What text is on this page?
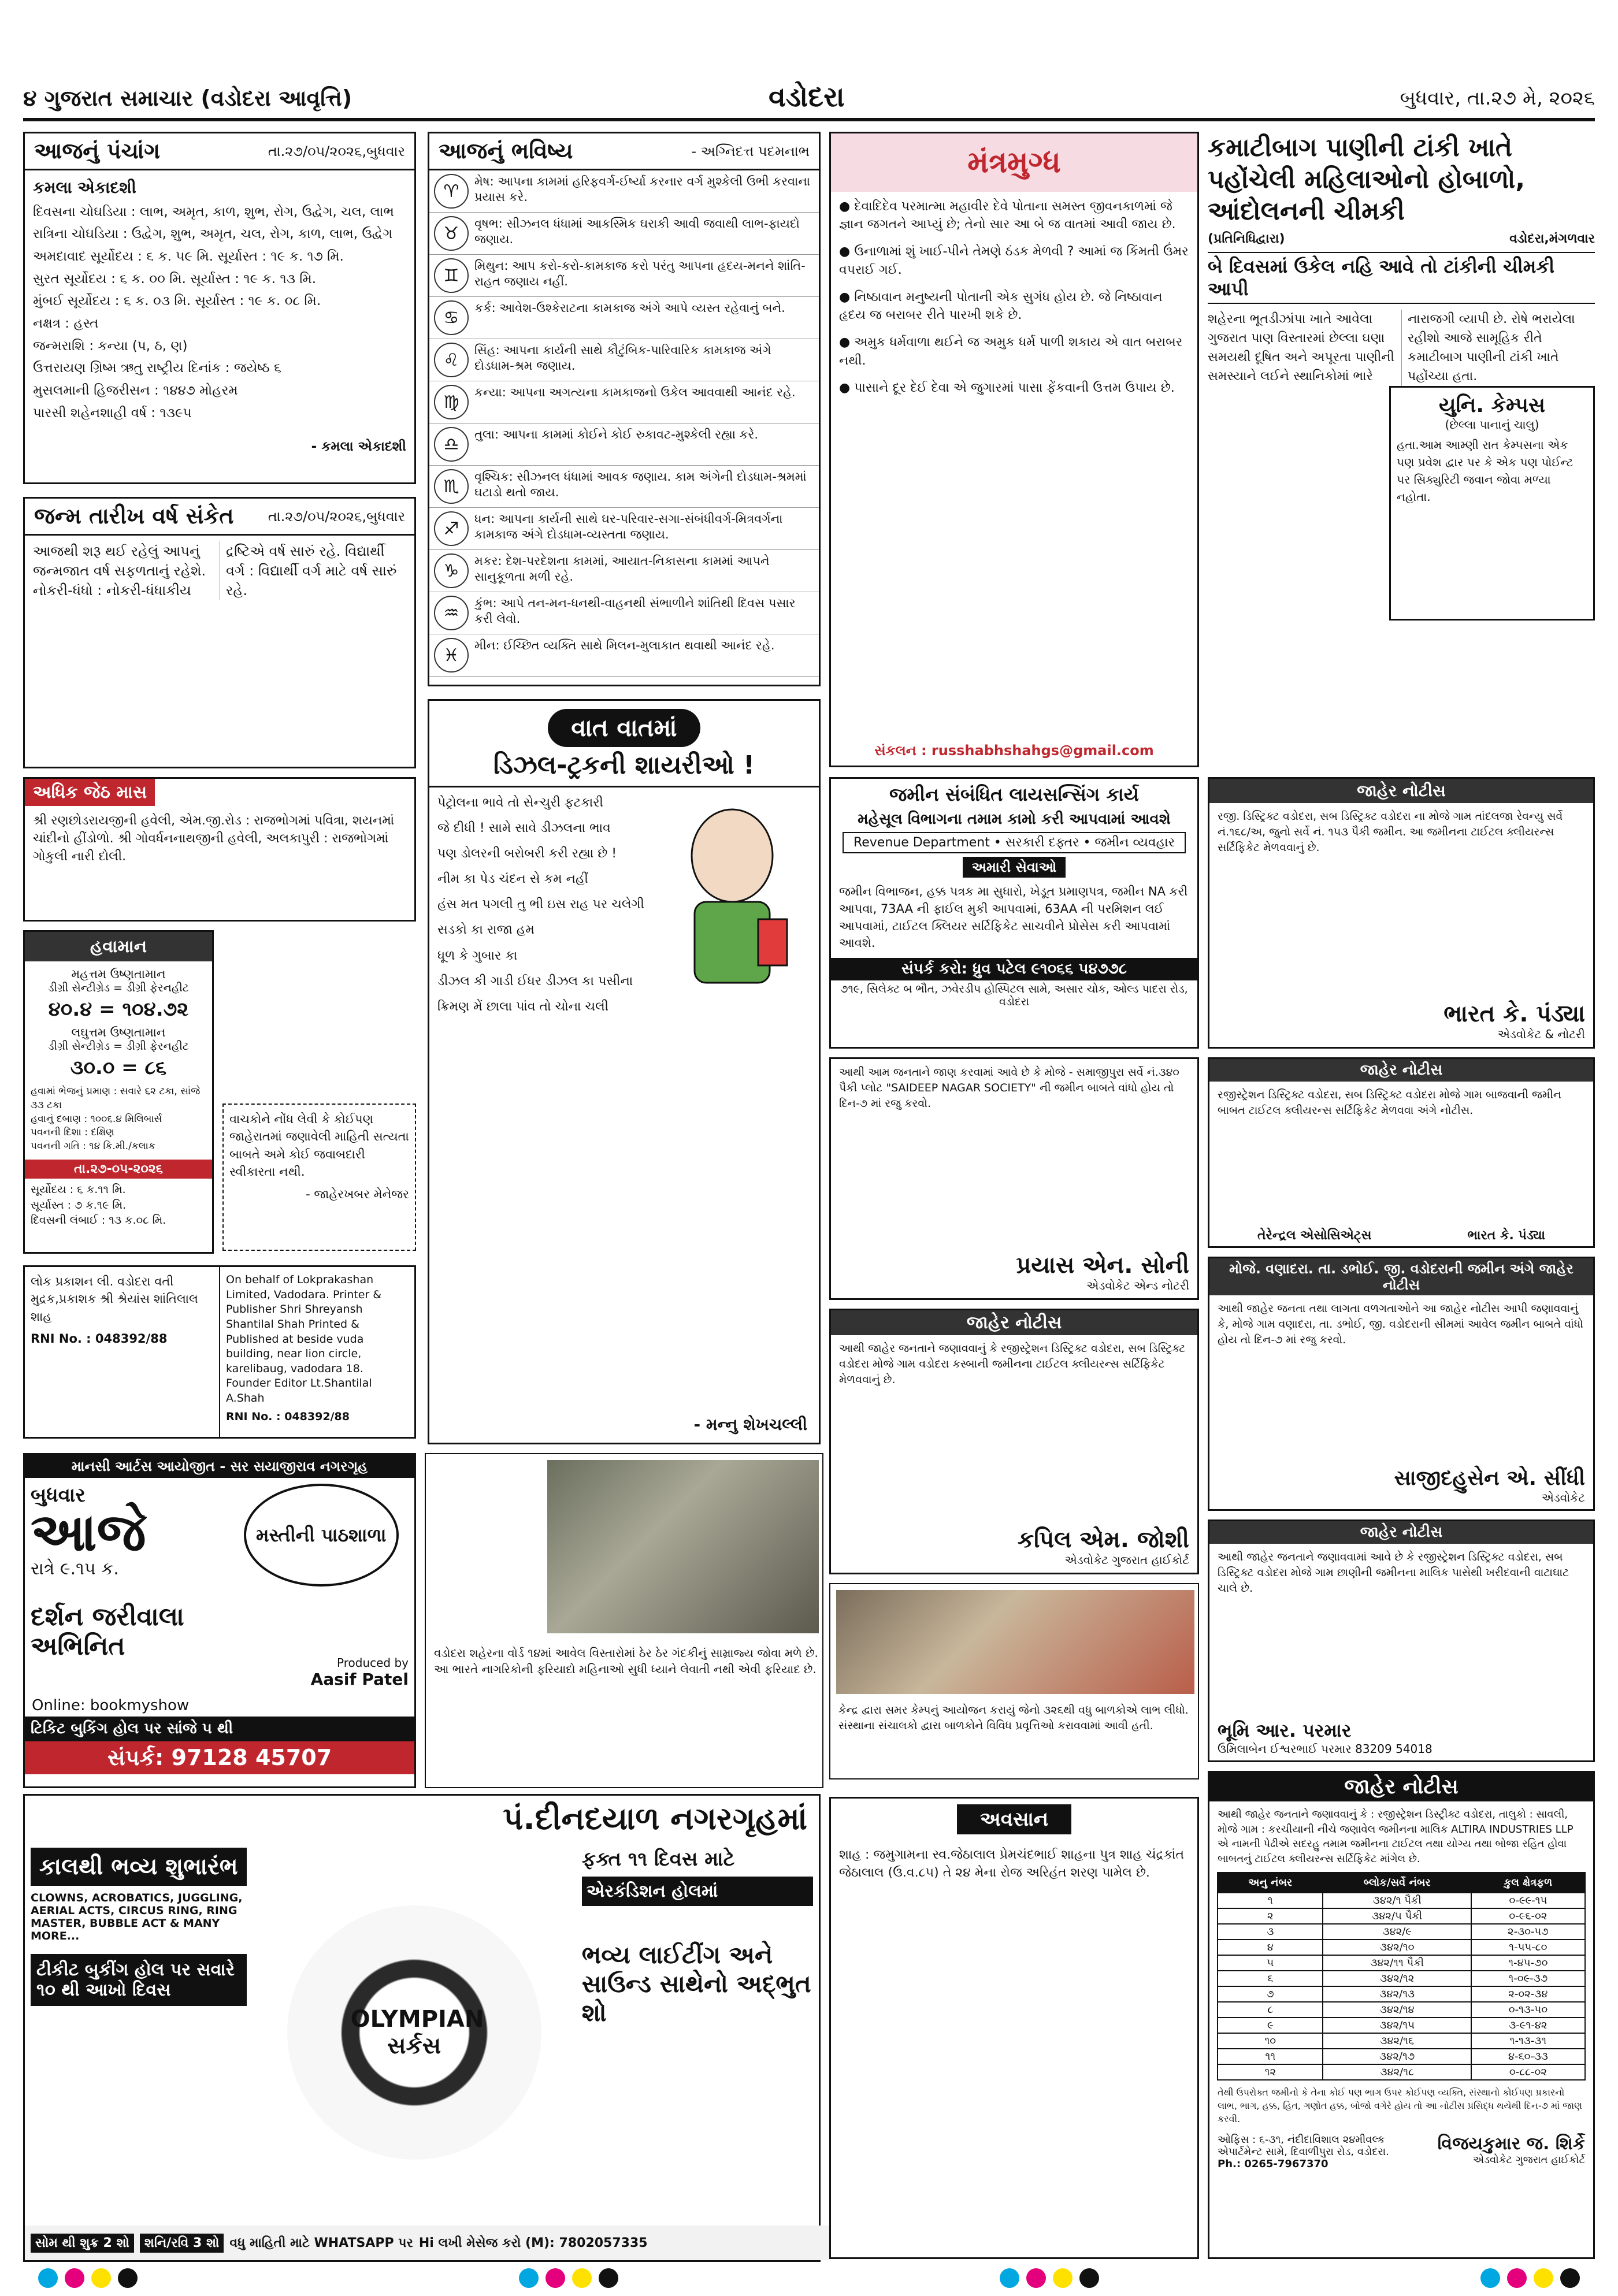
૪ ગુજરાત સમાચાર (વડોદરા આવૃત્તિ)	વડોદરા	બુધવાર, તા.૨૭ મે, ૨૦૨૬
આજનું પંચાંગ	તા.૨૭/૦૫/૨૦૨૬,બુધવાર

કમલા એકાદશી

દિવસના ચોઘડિયા : લાભ, અમૃત, કાળ, શુભ, રોગ, ઉદ્વેગ, ચલ, લાભ

રાત્રિના ચોઘડિયા : ઉદ્વેગ, શુભ, અમૃત, ચલ, રોગ, કાળ, લાભ, ઉદ્વેગ

અમદાવાદ સૂર્યોદય : ૬ ક. ૫૯ મિ. સૂર્યાસ્ત : ૧૯ ક. ૧૭ મિ.

સુરત સૂર્યોદય : ૬ ક. ૦૦ મિ. સૂર્યાસ્ત : ૧૯ ક. ૧૩ મિ.

મુંબઈ સૂર્યોદય : ૬ ક. ૦૩ મિ. સૂર્યાસ્ત : ૧૯ ક. ૦૮ મિ.

નક્ષત્ર : હસ્ત

જન્મરાશિ : કન્યા (પ, ઠ, ણ)

ઉત્તરાયણ ગ્રિષ્મ ઋતુ રાષ્ટ્રીય દિનાંક : જયેષ્ઠ ૬

મુસલમાની હિજરીસન : ૧૪૪૭ મોહરમ

પારસી શહેનશાહી વર્ષ : ૧૩૯૫

- કમલા એકાદશી
જન્મ તારીખ વર્ષ સંકેત તા.૨૭/૦૫/૨૦૨૬,બુધવાર
આજથી શરૂ થઈ રહેલું આપનું જન્મજાત વર્ષ સફળતાનું રહેશે. નોકરી-ધંધો : નોકરી-ધંધાકીય દ્રષ્ટિએ વર્ષ સારું રહે. વિદ્યાર્થી વર્ગ : વિદ્યાર્થી વર્ગ માટે વર્ષ સારું રહે.
અધિક જેઠ માસ
શ્રી રણછોડરાયજીની હવેલી, એમ.જી.રોડ : રાજભોગમાં પવિત્રા, શયનમાં ચાંદીનો હીંડોળો. શ્રી ગોવર્ધનનાથજીની હવેલી, અલકાપુરી : રાજભોગમાં ગોકુલી નારી દોલી.
હવામાન
મહત્તમ ઉષ્ણતામાન
ડીગ્રી સેન્ટીગ્રેડ = ડીગ્રી ફેરનહીટ
૪૦.૪ = ૧૦૪.૭૨
લઘુત્તમ ઉષ્ણતામાન
ડીગ્રી સેન્ટીગ્રેડ = ડીગ્રી ફેરનહીટ
૩૦.૦ = ૮૬
હવામાં ભેજનું પ્રમાણ : સવારે ૬૨ ટકા, સાંજે ૩૩ ટકા
હવાનું દબાણ : ૧૦૦૬.૪ મિલિબાર્સ
પવનની દિશા : દક્ષિણ
પવનની ગતિ : ૧૪ કિ.મી./કલાક
તા.૨૭-૦૫-૨૦૨૬
સૂર્યોદય : ૬ ક.૧૧ મિ.
સૂર્યાસ્ત : ૭ ક.૧૯ મિ.
દિવસની લંબાઈ : ૧૩ ક.૦૮ મિ.
વાચકોને નોંધ લેવી કે કોઈપણ જાહેરાતમાં જણાવેલી માહિતી સત્યતા બાબતે અમે કોઈ જવાબદારી સ્વીકારતા નથી.
- જાહેરખબર મેનેજર
લોક પ્રકાશન લી. વડોદરા વતી મુદ્રક,પ્રકાશક શ્રી શ્રેયાંસ શાંતિલાલ શાહ
RNI No. : 048392/88
On behalf of Lokprakashan Limited, Vadodara. Printer & Publisher Shri Shreyansh Shantilal Shah Printed & Published at beside vuda building, near lion circle, karelibaug, vadodara 18. Founder Editor Lt.Shantilal A.Shah
RNI No. : 048392/88
આજનું ભવિષ્ય	- અગ્નિદત્ત પદમનાભ
♈	મેષ: આપના કામમાં હરિફવર્ગ-ઈર્ષ્યા કરનાર વર્ગ મુશ્કેલી ઉભી કરવાના પ્રયાસ કરે.
♉	વૃષભ: સીઝનલ ધંધામાં આકસ્મિક ઘરાકી આવી જવાથી લાભ-ફાયદો જણાય.
♊	મિથુન: આપ કરો-કરો-કામકાજ કરો પરંતુ આપના હૃદય-મનને શાંતિ-રાહત જણાય નહીં.
♋	કર્ક: આવેશ-ઉશ્કેરાટના કામકાજ અંગે આપે વ્યસ્ત રહેવાનું બને.
♌	સિંહ: આપના કાર્યની સાથે કૌટુંબિક-પારિવારિક કામકાજ અંગે દોડધામ-શ્રમ જણાય.
♍	કન્યા: આપના અગત્યના કામકાજનો ઉકેલ આવવાથી આનંદ રહે.
♎	તુલા: આપના કામમાં કોઈને કોઈ રુકાવટ-મુશ્કેલી રહ્યા કરે.
♏	વૃશ્ચિક: સીઝનલ ધંધામાં આવક જણાય. કામ અંગેની દોડધામ-શ્રમમાં ઘટાડો થતો જાય.
♐	ધન: આપના કાર્યની સાથે ઘર-પરિવાર-સગા-સંબંધીવર્ગ-મિત્રવર્ગના કામકાજ અંગે દોડધામ-વ્યસ્તતા જણાય.
♑	મકર: દેશ-પરદેશના કામમાં, આયાત-નિકાસના કામમાં આપને સાનુકૂળતા મળી રહે.
♒	કુંભ: આપે તન-મન-ધનથી-વાહનથી સંભાળીને શાંતિથી દિવસ પસાર કરી લેવો.
♓	મીન: ઈચ્છિત વ્યક્તિ સાથે મિલન-મુલાકાત થવાથી આનંદ રહે.
વાત વાતમાં
ડિઝલ-ટ્રકની શાયરીઓ !
પેટ્રોલના ભાવે તો સેન્ચુરી ફટકારી
જે દીધી ! સામે સાવે ડીઝલના ભાવ
પણ ડોલરની બરોબરી કરી રહ્યા છે !
નીમ કા પેડ ચંદન સે કમ નહીં
હંસ મત પગલી તુ ભી ઇસ રાહ પર ચલેગી
સડકો કા રાજા હમ
ધૂળ કે ગુબાર કા
ડીઝલ કી ગાડી ઈધર ડીઝલ કા પસીના
ક્રિમણ મેં છાલા પાંવ તો ચોના ચલી
- મન્નુ શેખચલ્લી
માનસી આર્ટસ આયોજીત - સર સયાજીરાવ નગરગૃહ
બુધવાર
આજે
રાત્રે ૯.૧૫ ક.
દર્શન જરીવાલા અભિનિત
મસ્તીની પાઠશાળા
Produced by
Aasif Patel
Online: bookmyshow
ટિકિટ બુકિંગ હોલ પર સાંજે ૫ થી
સંપર્ક: 97128 45707
પં.દીનદયાળ નગરગૃહમાં
કાલથી ભવ્ય શુભારંભ
CLOWNS, ACROBATICS, JUGGLING, AERIAL ACTS, CIRCUS RING, RING MASTER, BUBBLE ACT & MANY MORE...
ટીકીટ બુકીંગ હોલ પર સવારે ૧૦ થી આખો દિવસ
OLYMPIAN સર્કસ
ફક્ત ૧૧ દિવસ માટે
એરકંડિશન હોલમાં
ભવ્ય લાઈટીંગ અને સાઉન્ડ સાથેનો અદ્ભુત શો
સોમ થી શુક્ર 2 શો	શનિ/રવિ 3 શો વધુ માહિતી માટે WHATSAPP પર Hi લખી મેસેજ કરો (M): 7802057335
મંત્રમુગ્ધ

● દેવાદિદેવ પરમાત્મા મહાવીર દેવે પોતાના સમસ્ત જીવનકાળમાં જે જ્ઞાન જગતને આપ્યું છે; તેનો સાર આ બે જ વાતમાં આવી જાય છે.

● ઉનાળામાં શું ખાઈ-પીને તેમણે ઠંડક મેળવી ? આમાં જ કિંમતી ઉંમર વપરાઈ ગઈ.

● નિષ્ઠાવાન મનુષ્યની પોતાની એક સુગંધ હોય છે. જે નિષ્ઠાવાન હૃદય જ બરાબર રીતે પારખી શકે છે.

● અમુક ધર્મવાળા થઈને જ અમુક ધર્મ પાળી શકાય એ વાત બરાબર નથી.

● પાસાને દૂર દેઈ દેવા એ જુગારમાં પાસા ફેંકવાની ઉત્તમ ઉપાય છે.

સંકલન : russhabhshahgs@gmail.com
જમીન સંબંધિત લાયસન્સિંગ કાર્ય
મહેસૂલ વિભાગના તમામ કામો કરી આપવામાં આવશે
Revenue Department • સરકારી દફ્તર • જમીન વ્યવહાર
અમારી સેવાઓ
જમીન વિભાજન, હક્ક પત્રક મા સુધારો, ખેડૂત પ્રમાણપત્ર, જમીન NA કરી આપવા, 73AA ની ફાઈલ મુકી આપવામાં, 63AA ની પરમિશન લઈ આપવામાં, ટાઈટલ ક્લિયર સર્ટિફિકેટ સાચવીને પ્રોસેસ કરી આપવામાં આવશે.
સંપર્ક કરો: ધ્રુવ પટેલ ૯૧૦૬૬ ૫૪૭૭૮
૭૧૯, સિલેક્ટ બ ભૌત, ઝવેરડીપ હોસ્પિટલ સામે, અસાર ચોક, ઓલ્ડ પાદરા રોડ, વડોદરા
આથી આમ જનતાને જાણ કરવામાં આવે છે કે મોજે - સમાજીપુરા સર્વે નં.૩૪૦ પૈકી પ્લોટ "SAIDEEP NAGAR SOCIETY" ની જમીન બાબતે વાંધો હોય તો દિન-૭ માં રજુ કરવો.
પ્રયાસ એન. સોની
એડવોકેટ એન્ડ નોટરી
જાહેર નોટીસ
આથી જાહેર જનતાને જણાવવાનું કે રજીસ્ટ્રેશન ડિસ્ટ્રિક્ટ વડોદરા, સબ ડિસ્ટ્રિક્ટ વડોદરા મોજે ગામ વડોદરા કસ્બાની જમીનના ટાઈટલ ક્લીયરન્સ સર્ટિફિકેટ મેળવવાનું છે.
કપિલ એમ. જોશી
એડવોકેટ ગુજરાત હાઈકોર્ટ
વડોદરા શહેરના વોર્ડ ૧૪માં આવેલ વિસ્તારોમાં ઠેર ઠેર ગંદકીનું સામ્રાજ્ય જોવા મળે છે. આ ભારતે નાગરિકોની ફરિયાદો મહિનાઓ સુધી ધ્યાને લેવાતી નથી એવી ફરિયાદ છે.
કેન્દ્ર દ્વારા સમર કેમ્પનું આયોજન કરાયું જેનો ૩૨૬થી વધુ બાળકોએ લાભ લીધો. સંસ્થાના સંચાલકો દ્વારા બાળકોને વિવિધ પ્રવૃત્તિઓ કરાવવામાં આવી હતી.
અવસાન
શાહ : જમુગામના સ્વ.જેઠાલાલ પ્રેમચંદભાઈ શાહના પુત્ર શાહ ચંદ્રકાંત જેઠાલાલ (ઉ.વ.૮૫) તે ૨૪ મેના રોજ અરિહંત શરણ પામેલ છે.
કમાટીબાગ પાણીની ટાંકી ખાતે પહોંચેલી મહિલાઓનો હોબાળો, આંદોલનની ચીમકી
(પ્રતિનિધિદ્વારા)	વડોદરા,મંગળવાર
બે દિવસમાં ઉકેલ નહિ આવે તો ટાંકીની ચીમકી આપી
શહેરના ભૂતડીઝાંપા ખાતે આવેલા ગુજરાત પાણ વિસ્તારમાં છેલ્લા ઘણા સમયથી દૂષિત અને અપૂરતા પાણીની સમસ્યાને લઈને સ્થાનિકોમાં ભારે નારાજગી વ્યાપી છે. રોષે ભરાયેલા રહીશો આજે સામૂહિક રીતે કમાટીબાગ પાણીની ટાંકી ખાતે પહોંચ્યા હતા.
યુનિ. કેમ્પસ
(છેલ્લા પાનાનું ચાલુ)
હતા.આમ આમ્ણી રાત કેમ્પસના એક પણ પ્રવેશ દ્વાર પર કે એક પણ પોઈન્ટ પર સિક્યુરિટી જવાન જોવા મળ્યા નહોતા.
જાહેર નોટીસ
રજી. ડિસ્ટ્રિક્ટ વડોદરા, સબ ડિસ્ટ્રિક્ટ વડોદરા ના મોજે ગામ તાંદલજા રેવન્યુ સર્વે નં.૧૬૮/અ, જુનો સર્વે નં. ૧૫૩ પૈકી જમીન. આ જમીનના ટાઈટલ ક્લીયરન્સ સર્ટિફિકેટ મેળવવાનું છે.
ભારત કે. પંડ્યા
એડવોકેટ & નોટરી
જાહેર નોટીસ
રજીસ્ટ્રેશન ડિસ્ટ્રિક્ટ વડોદરા, સબ ડિસ્ટ્રિક્ટ વડોદરા મોજે ગામ બાજવાની જમીન બાબત ટાઈટલ ક્લીયરન્સ સર્ટિફિકેટ મેળવવા અંગે નોટીસ.
તેરેન્દ્રલ એસોસિએટ્સ	ભારત કે. પંડ્યા
મોજે. વણાદરા. તા. ડભોઈ. જી. વડોદરાની જમીન અંગે જાહેર નોટીસ
આથી જાહેર જનતા તથા લાગતા વળગતાઓને આ જાહેર નોટીસ આપી જણાવવાનું કે, મોજે ગામ વણાદરા, તા. ડભોઈ, જી. વડોદરાની સીમમાં આવેલ જમીન બાબતે વાંધો હોય તો દિન-૭ માં રજુ કરવો.
સાજીદહુસેન એ. સીંધી
એડવોકેટ
જાહેર નોટીસ
આથી જાહેર જનતાને જણાવવામાં આવે છે કે રજીસ્ટ્રેશન ડિસ્ટ્રિક્ટ વડોદરા, સબ ડિસ્ટ્રિક્ટ વડોદરા મોજે ગામ છાણીની જમીનના માલિક પાસેથી ખરીદવાની વાટાઘાટ ચાલે છે.
ભૂમિ આર. પરમાર
ઉમિલાબેન ઈશ્વરભાઈ પરમાર 83209 54018
જાહેર નોટીસ
આથી જાહેર જનતાને જણાવવાનું કે : રજીસ્ટ્રેશન ડિસ્ટ્રીક્ટ વડોદરા, તાલુકો : સાવલી, મોજે ગામ : કરચીયાની નીચે જણાવેલ જમીનના માલિક ALTIRA INDUSTRIES LLP એ નામની પેઢીએ સદરહુ તમામ જમીનના ટાઈટલ તથા યોગ્ય તથા બોજા રહિત હોવા બાબતનું ટાઈટલ ક્લીયરન્સ સર્ટિફિકેટ માંગેલ છે.
અનુ નંબર	બ્લોક/સર્વે નંબર	કુલ ક્ષેત્રફળ
૧	૩૪૨/૧ પૈકી	૦-૯૯-૧૫
૨	૩૪૨/૫ પૈકી	૦-૯૬-૦૨
૩	૩૪૨/૯	૨-૩૦-૫૭
૪	૩૪૨/૧૦	૧-૫૫-૮૦
૫	૩૪૨/૧૧ પૈકી	૧-૪૫-૭૦
૬	૩૪૨/૧૨	૧-૦૯-૩૭
૭	૩૪૨/૧૩	૨-૦૨-૩૪
૮	૩૪૨/૧૪	૦-૧૩-૫૦
૯	૩૪૨/૧૫	૩-૯૧-૪૨
૧૦	૩૪૨/૧૬	૧-૧૩-૩૧
૧૧	૩૪૨/૧૭	૪-૬૦-૩૩
૧૨	૩૪૨/૧૮	૦-૮૮-૦૨
તેથી ઉપરોક્ત જમીનો કે તેના કોઈ પણ ભાગ ઉપર કોઈપણ વ્યક્તિ, સંસ્થાનો કોઈપણ પ્રકારનો લાભ, ભાગ, હક્ક, હિત, ગણોત હક્ક, બોજો વગેરે હોય તો આ નોટીસ પ્રસિદ્ધ થયેથી દિન-૭ માં જાણ કરવી.
ઓફિસ : ૬-૩૧, નંદીદાવિશાલ ૨૪મીવલ્ક એપાર્ટમેન્ટ સામે, દિવાળીપુરા રોડ, વડોદરા.
Ph.: 0265-7967370
વિજયકુમાર જ. શિર્કે
એડવોકેટ ગુજરાત હાઈકોર્ટ
